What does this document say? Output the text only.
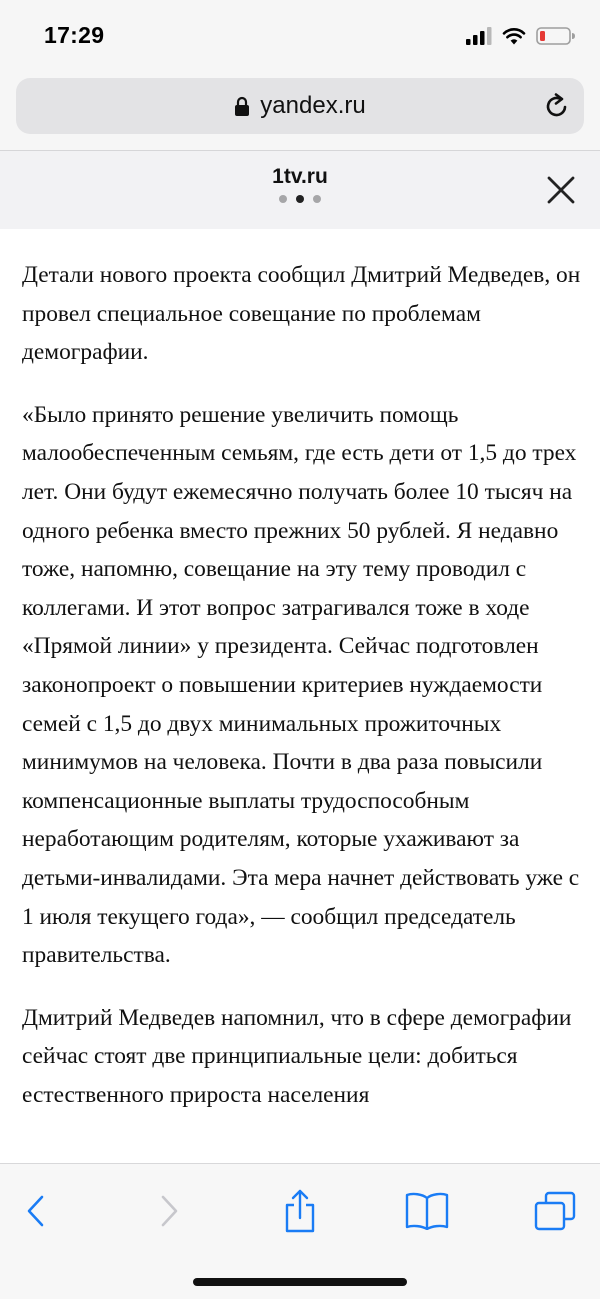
17:29
yandex.ru
1tv.ru

Детали нового проекта сообщил Дмитрий Медведев, он провел специальное совещание по проблемам демографии.

«Было принято решение увеличить помощь малообеспеченным семьям, где есть дети от 1,5 до трех лет. Они будут ежемесячно получать более 10 тысяч на одного ребенка вместо прежних 50 рублей. Я недавно тоже, напомню, совещание на эту тему проводил с коллегами. И этот вопрос затрагивался тоже в ходе «Прямой линии» у президента. Сейчас подготовлен законопроект о повышении критериев нуждаемости семей с 1,5 до двух минимальных прожиточных минимумов на человека. Почти в два раза повысили компенсационные выплаты трудоспособным неработающим родителям, которые ухаживают за детьми-инвалидами. Эта мера начнет действовать уже с 1 июля текущего года», — сообщил председатель правительства.

Дмитрий Медведев напомнил, что в сфере демографии сейчас стоят две принципиальные цели: добиться естественного прироста населения
